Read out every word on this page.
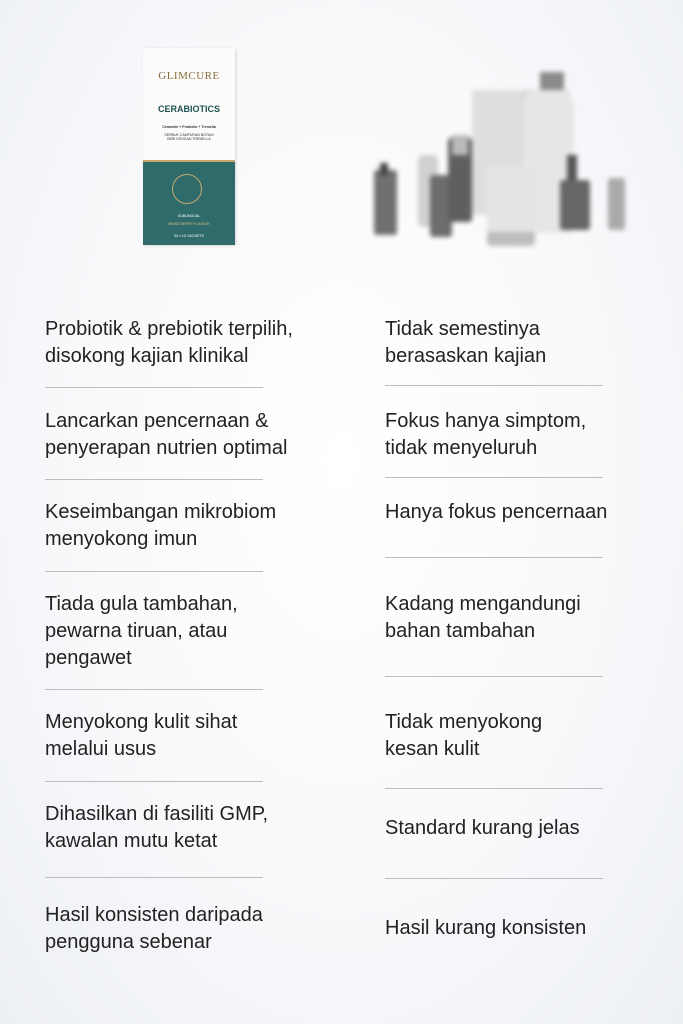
GLIMCURE
CERABIOTICS
Ceramide + Probiotic + Tremella
SERBUK CAMPURAN BOTANI BERI DENGAN TREMELLA
SUBLINGUAL
MIXED BERRY FLAVOUR
30 x 1G SACHETS
Probiotik & prebiotik terpilih,
disokong kajian klinikal
Tidak semestinya
berasaskan kajian
Lancarkan pencernaan &
penyerapan nutrien optimal
Fokus hanya simptom,
tidak menyeluruh
Keseimbangan mikrobiom
menyokong imun
Hanya fokus pencernaan
Tiada gula tambahan,
pewarna tiruan, atau
pengawet
Kadang mengandungi
bahan tambahan
Menyokong kulit sihat
melalui usus
Tidak menyokong
kesan kulit
Dihasilkan di fasiliti GMP,
kawalan mutu ketat
Standard kurang jelas
Hasil konsisten daripada
pengguna sebenar
Hasil kurang konsisten
